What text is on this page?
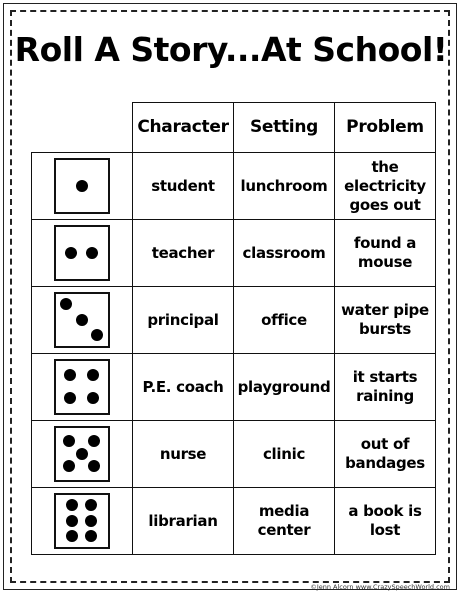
Roll A Story...At School!
	Character	Setting	Problem

	student	lunchroom	the electricity goes out

	teacher	classroom	found a mouse

	principal	office	water pipe bursts

	P.E. coach	playground	it starts raining

	nurse	clinic	out of bandages

	librarian	media center	a book is lost
©Jenn Alcorn www.CrazySpeechWorld.com
